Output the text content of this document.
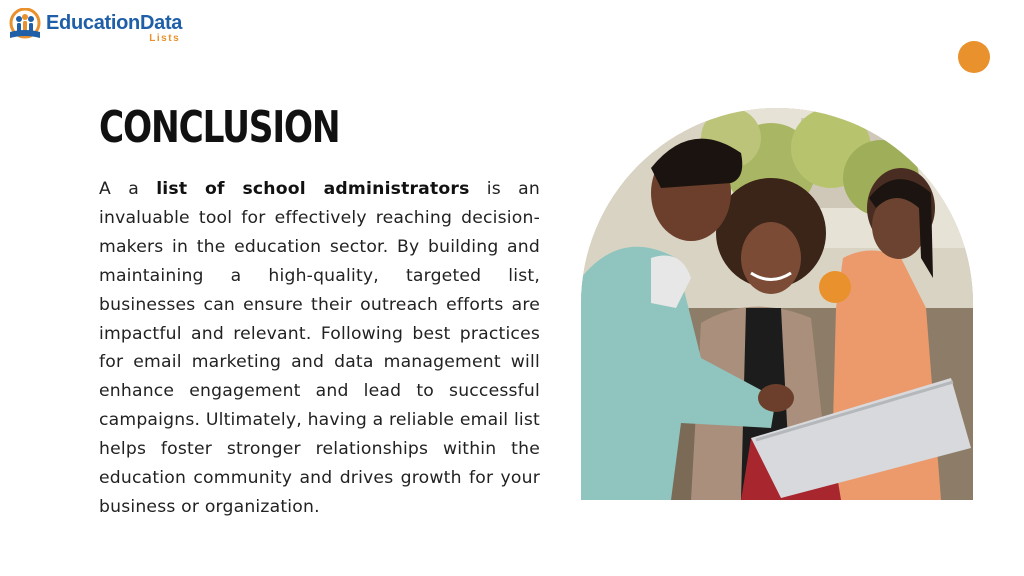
EducationData
Lists
CONCLUSION

A a list of school administrators is an invaluable tool for effectively reaching decision-makers in the education sector. By building and maintaining a high-quality, targeted list, businesses can ensure their outreach efforts are impactful and relevant. Following best practices for email marketing and data management will enhance engagement and lead to successful campaigns. Ultimately, having a reliable email list helps foster stronger relationships within the education community and drives growth for your business or organization.
